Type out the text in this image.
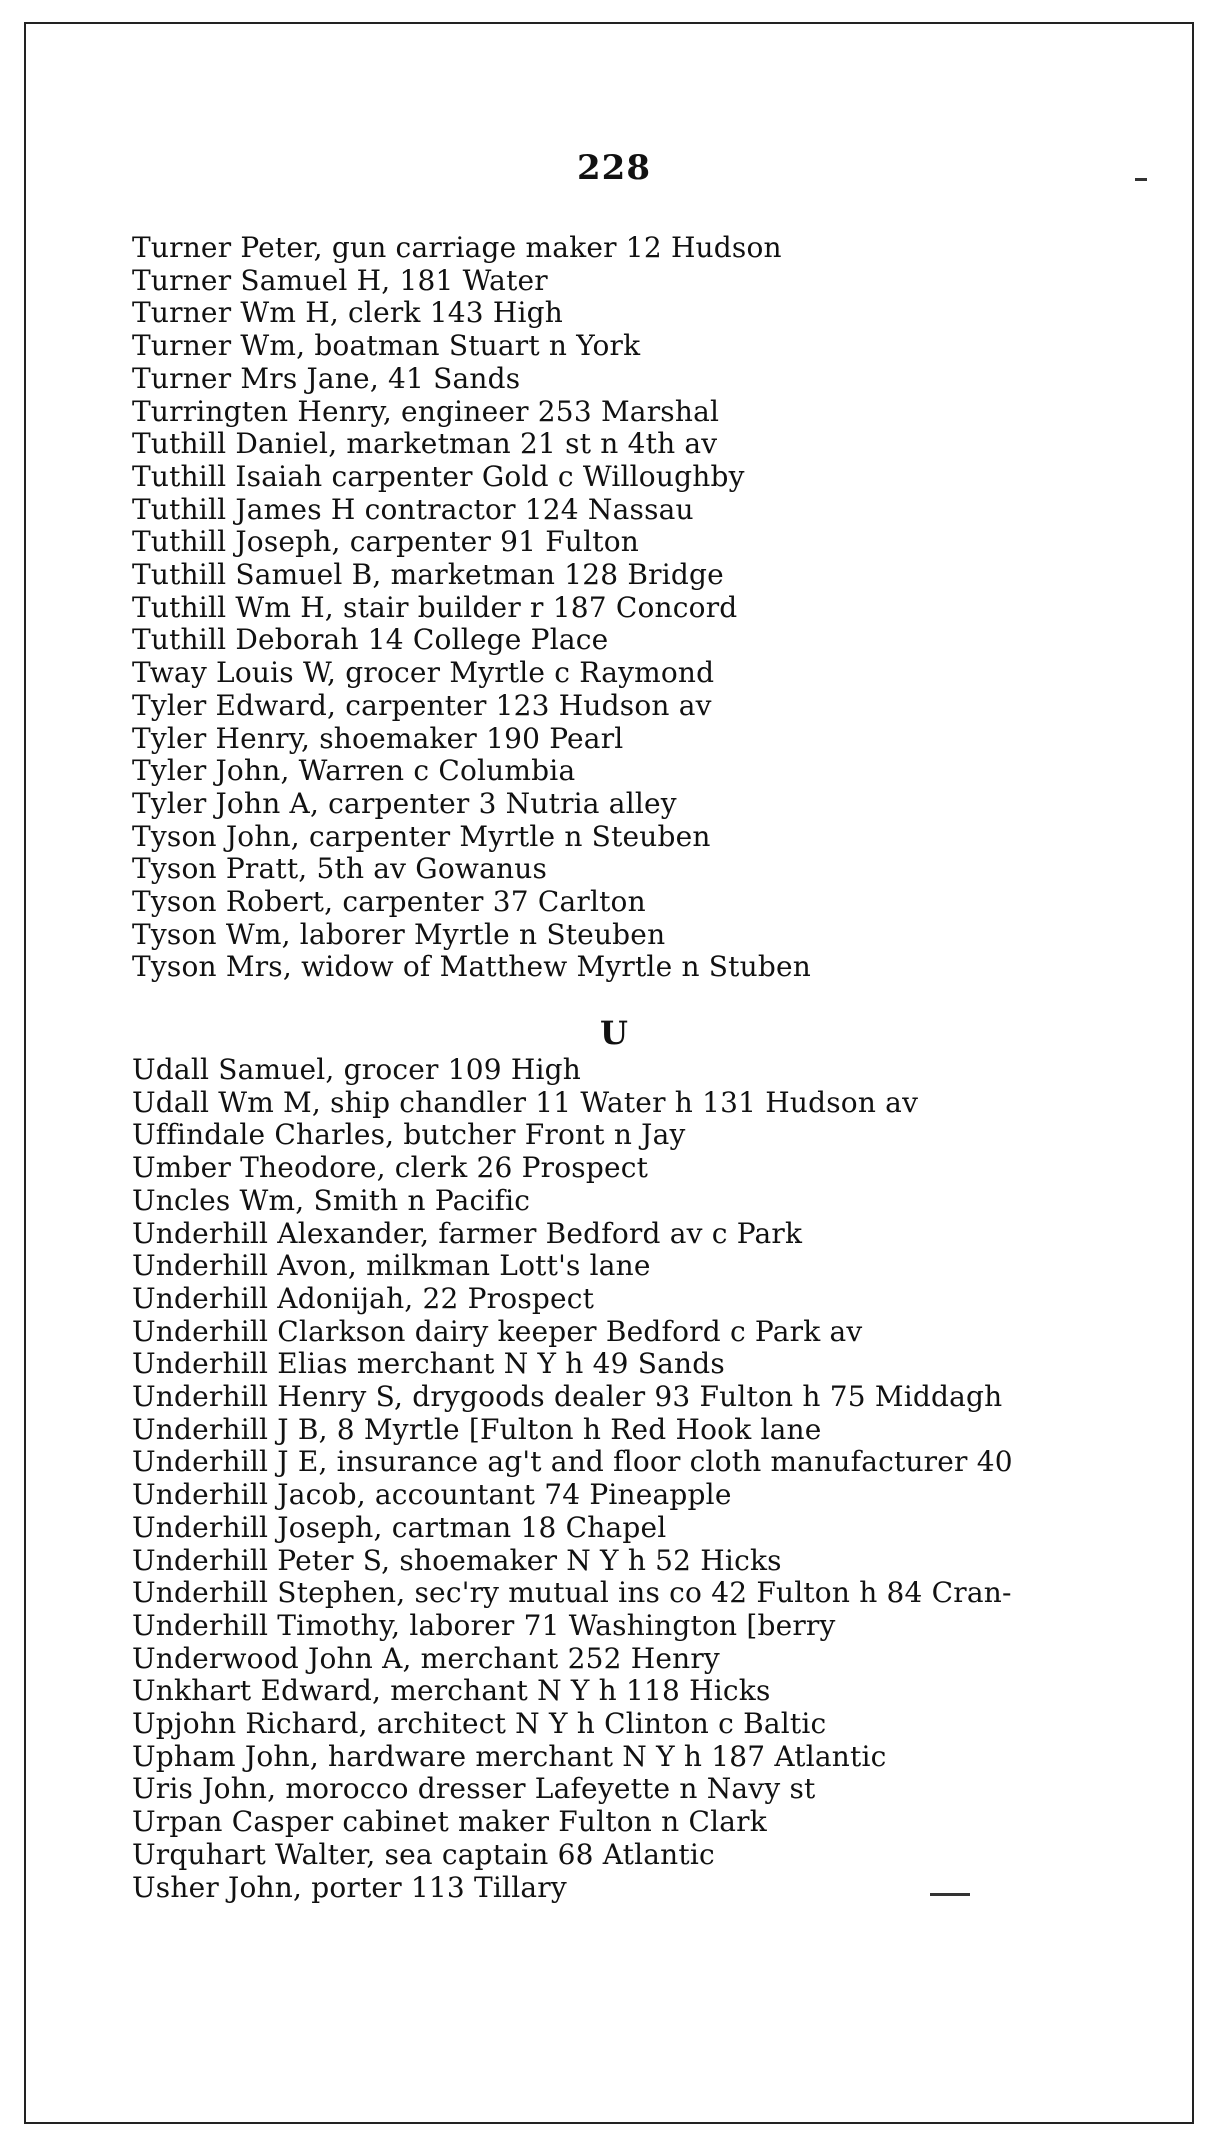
228
Turner Peter, gun carriage maker 12 Hudson
Turner Samuel H, 181 Water
Turner Wm H, clerk 143 High
Turner Wm, boatman Stuart n York
Turner Mrs Jane, 41 Sands
Turringten Henry, engineer 253 Marshal
Tuthill Daniel, marketman 21 st n 4th av
Tuthill Isaiah carpenter Gold c Willoughby
Tuthill James H contractor 124 Nassau
Tuthill Joseph, carpenter 91 Fulton
Tuthill Samuel B, marketman 128 Bridge
Tuthill Wm H, stair builder r 187 Concord
Tuthill Deborah 14 College Place
Tway Louis W, grocer Myrtle c Raymond
Tyler Edward, carpenter 123 Hudson av
Tyler Henry, shoemaker 190 Pearl
Tyler John, Warren c Columbia
Tyler John A, carpenter 3 Nutria alley
Tyson John, carpenter Myrtle n Steuben
Tyson Pratt, 5th av Gowanus
Tyson Robert, carpenter 37 Carlton
Tyson Wm, laborer Myrtle n Steuben
Tyson Mrs, widow of Matthew Myrtle n Stuben
U
Udall Samuel, grocer 109 High
Udall Wm M, ship chandler 11 Water h 131 Hudson av
Uffindale Charles, butcher Front n Jay
Umber Theodore, clerk 26 Prospect
Uncles Wm, Smith n Pacific
Underhill Alexander, farmer Bedford av c Park
Underhill Avon, milkman Lott's lane
Underhill Adonijah, 22 Prospect
Underhill Clarkson dairy keeper Bedford c Park av
Underhill Elias merchant N Y h 49 Sands
Underhill Henry S, drygoods dealer 93 Fulton h 75 Middagh
Underhill J B, 8 Myrtle [Fulton h Red Hook lane
Underhill J E, insurance ag't and floor cloth manufacturer 40
Underhill Jacob, accountant 74 Pineapple
Underhill Joseph, cartman 18 Chapel
Underhill Peter S, shoemaker N Y h 52 Hicks
Underhill Stephen, sec'ry mutual ins co 42 Fulton h 84 Cran-
Underhill Timothy, laborer 71 Washington [berry
Underwood John A, merchant 252 Henry
Unkhart Edward, merchant N Y h 118 Hicks
Upjohn Richard, architect N Y h Clinton c Baltic
Upham John, hardware merchant N Y h 187 Atlantic
Uris John, morocco dresser Lafeyette n Navy st
Urpan Casper cabinet maker Fulton n Clark
Urquhart Walter, sea captain 68 Atlantic
Usher John, porter 113 Tillary
